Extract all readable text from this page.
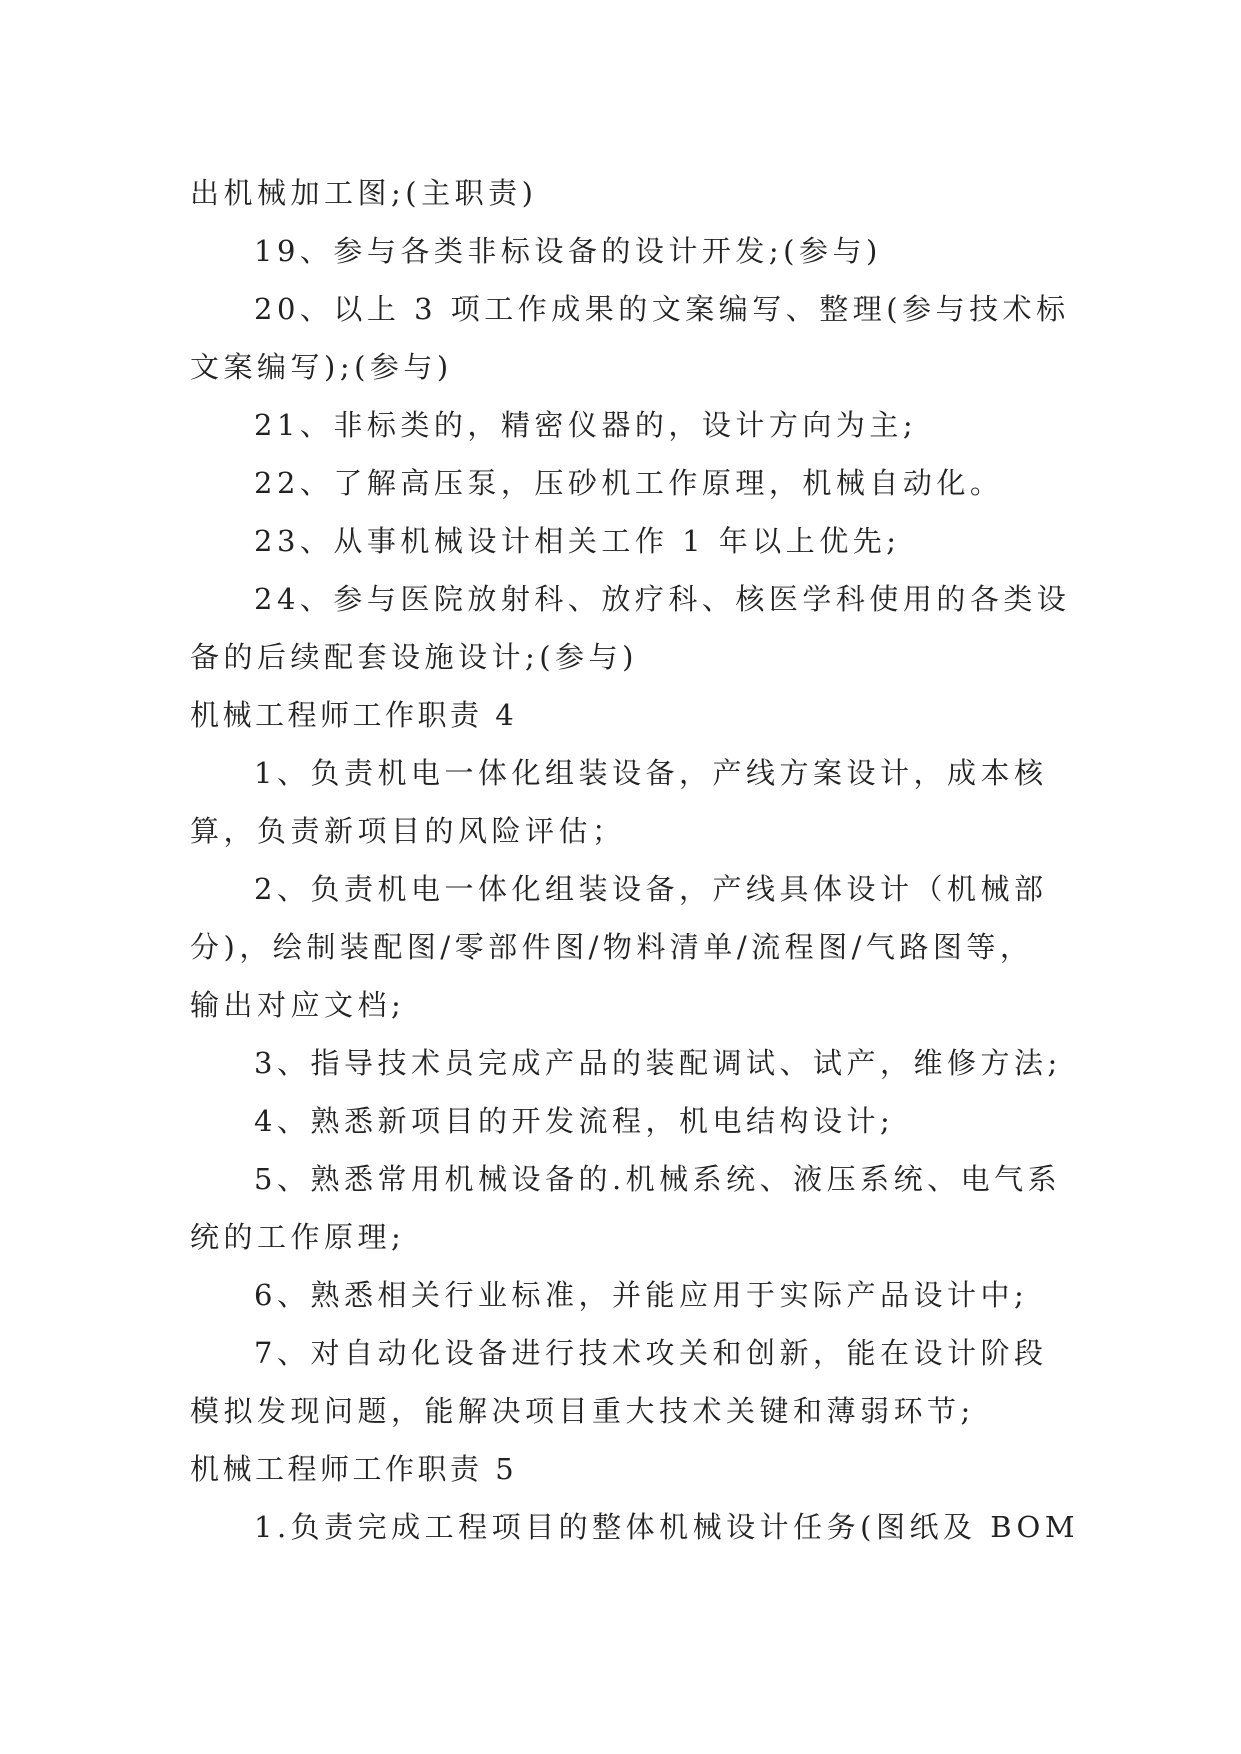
出机械加工图;(主职责)
19、参与各类非标设备的设计开发;(参与)
20、以上 3 项工作成果的文案编写、整理(参与技术标
文案编写);(参与)
21、非标类的，精密仪器的，设计方向为主;
22、了解高压泵，压砂机工作原理，机械自动化。
23、从事机械设计相关工作 1 年以上优先;
24、参与医院放射科、放疗科、核医学科使用的各类设
备的后续配套设施设计;(参与)
机械工程师工作职责 4
1、负责机电一体化组装设备，产线方案设计，成本核
算，负责新项目的风险评估；
2、负责机电一体化组装设备，产线具体设计（机械部
分)，绘制装配图/零部件图/物料清单/流程图/气路图等，
输出对应文档;
3、指导技术员完成产品的装配调试、试产，维修方法;
4、熟悉新项目的开发流程，机电结构设计;
5、熟悉常用机械设备的.机械系统、液压系统、电气系
统的工作原理;
6、熟悉相关行业标准，并能应用于实际产品设计中;
7、对自动化设备进行技术攻关和创新，能在设计阶段
模拟发现问题，能解决项目重大技术关键和薄弱环节;
机械工程师工作职责 5
1.负责完成工程项目的整体机械设计任务(图纸及 BOM
